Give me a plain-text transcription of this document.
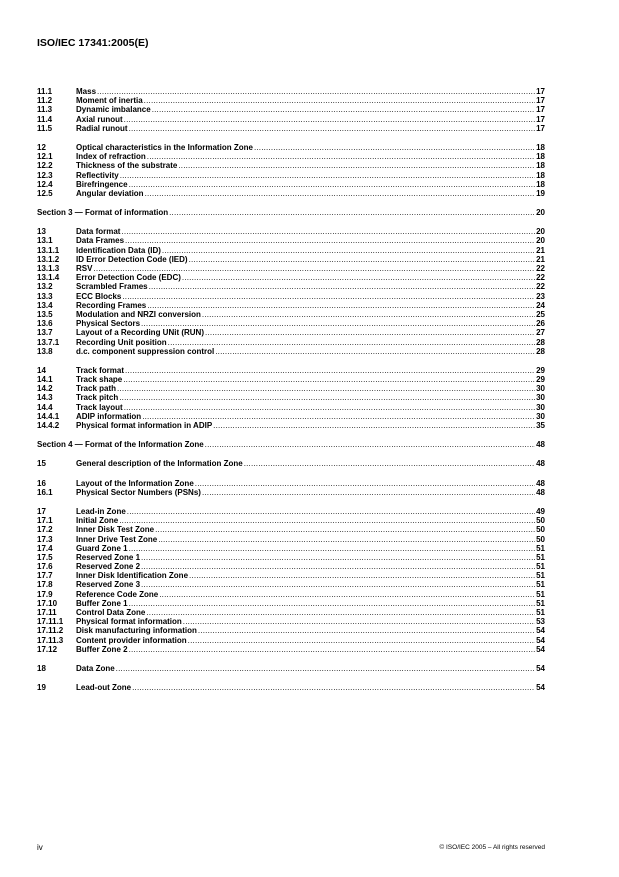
ISO/IEC 17341:2005(E)
11.1	Mass .....	17
11.2	Moment of inertia .....	17
11.3	Dynamic imbalance .....	17
11.4	Axial runout .....	17
11.5	Radial runout .....	17
12	Optical characteristics in the Information Zone .....	18
12.1	Index of refraction .....	18
12.2	Thickness of the substrate .....	18
12.3	Reflectivity .....	18
12.4	Birefringence .....	18
12.5	Angular deviation .....	19
Section 3 — Format of information .....	20
13	Data format .....	20
13.1	Data Frames .....	20
13.1.1	Identification Data (ID) .....	21
13.1.2	ID Error Detection Code (IED) .....	21
13.1.3	RSV .....	22
13.1.4	Error Detection Code (EDC) .....	22
13.2	Scrambled Frames .....	22
13.3	ECC Blocks .....	23
13.4	Recording Frames .....	24
13.5	Modulation and NRZI conversion .....	25
13.6	Physical Sectors .....	26
13.7	Layout of a Recording UNit (RUN) .....	27
13.7.1	Recording Unit position .....	28
13.8	d.c. component suppression control .....	28
14	Track format .....	29
14.1	Track shape .....	29
14.2	Track path .....	30
14.3	Track pitch .....	30
14.4	Track layout .....	30
14.4.1	ADIP information .....	30
14.4.2	Physical format information in ADIP .....	35
Section 4 — Format of the Information Zone .....	48
15	General description of the Information Zone .....	48
16	Layout of the Information Zone .....	48
16.1	Physical Sector Numbers (PSNs) .....	48
17	Lead-in Zone .....	49
17.1	Initial Zone .....	50
17.2	Inner Disk Test Zone .....	50
17.3	Inner Drive Test Zone .....	50
17.4	Guard Zone 1 .....	51
17.5	Reserved Zone 1 .....	51
17.6	Reserved Zone 2 .....	51
17.7	Inner Disk Identification Zone .....	51
17.8	Reserved Zone 3 .....	51
17.9	Reference Code Zone .....	51
17.10	Buffer Zone 1 .....	51
17.11	Control Data Zone .....	51
17.11.1	Physical format information .....	53
17.11.2	Disk manufacturing information .....	54
17.11.3	Content provider information .....	54
17.12	Buffer Zone 2 .....	54
18	Data Zone .....	54
19	Lead-out Zone .....	54
iv	© ISO/IEC 2005 – All rights reserved
